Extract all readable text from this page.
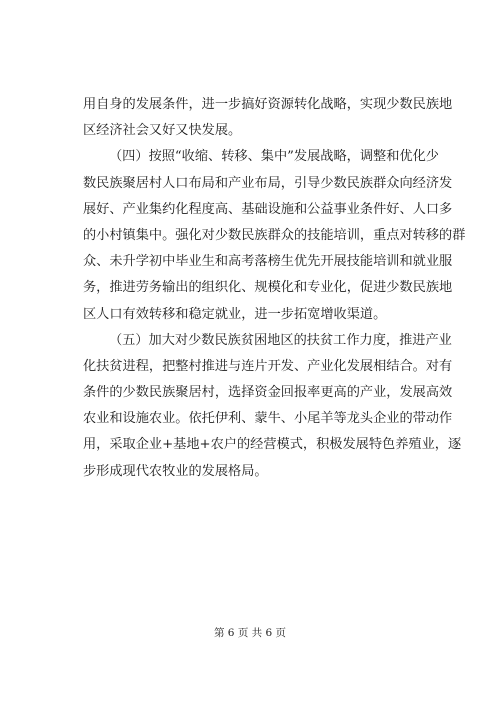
用自身的发展条件，进一步搞好资源转化战略，实现少数民族地
区经济社会又好又快发展。
（四）按照“收缩、转移、集中”发展战略，调整和优化少
数民族聚居村人口布局和产业布局，引导少数民族群众向经济发
展好、产业集约化程度高、基础设施和公益事业条件好、人口多
的小村镇集中。强化对少数民族群众的技能培训，重点对转移的群
众、未升学初中毕业生和高考落榜生优先开展技能培训和就业服
务，推进劳务输出的组织化、规模化和专业化，促进少数民族地
区人口有效转移和稳定就业，进一步拓宽增收渠道。
（五）加大对少数民族贫困地区的扶贫工作力度，推进产业
化扶贫进程，把整村推进与连片开发、产业化发展相结合。对有
条件的少数民族聚居村，选择资金回报率更高的产业，发展高效
农业和设施农业。依托伊利、蒙牛、小尾羊等龙头企业的带动作
用，采取企业+基地+农户的经营模式，积极发展特色养殖业，逐
步形成现代农牧业的发展格局。
第 6 页 共 6 页
